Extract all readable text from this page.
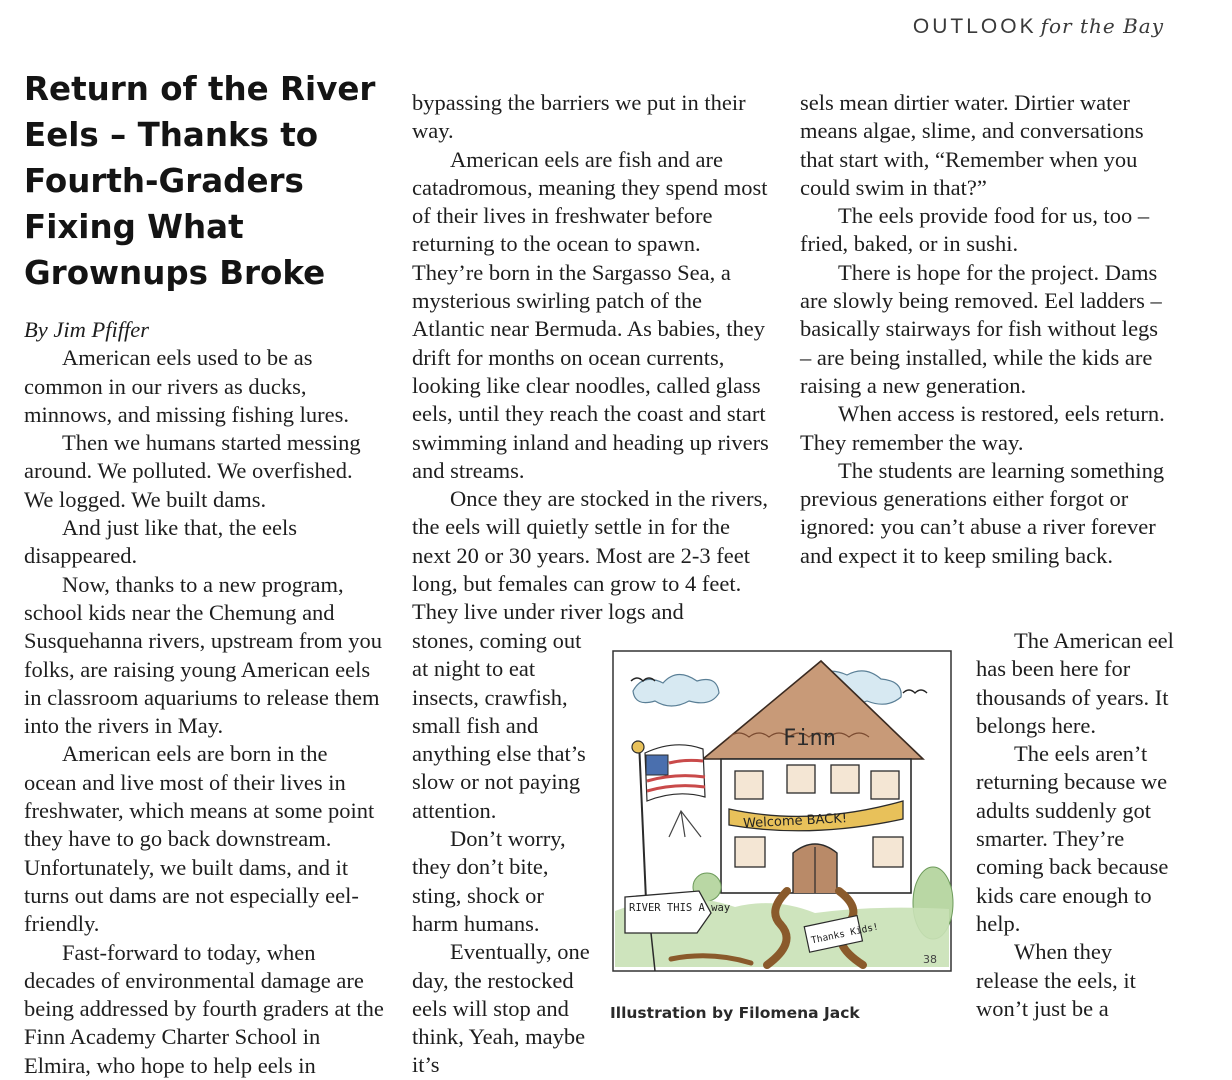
OUTLOOK for the Bay
Return of the River Eels – Thanks to Fourth-Graders Fixing What Grownups Broke

By Jim Pfiffer

American eels used to be as common in our rivers as ducks, minnows, and missing fishing lures.

Then we humans started messing around. We polluted. We overfished. We logged. We built dams.

And just like that, the eels disappeared.

Now, thanks to a new program, school kids near the Chemung and Susquehanna rivers, upstream from you folks, are raising young American eels in classroom aquariums to release them into the rivers in May.

American eels are born in the ocean and live most of their lives in freshwater, which means at some point they have to go back downstream. Unfortunately, we built dams, and it turns out dams are not especially eel-friendly.

Fast-forward to today, when decades of environmental damage are being addressed by fourth graders at the Finn Academy Charter School in Elmira, who hope to help eels in

bypassing the barriers we put in their way.

American eels are fish and are catadromous, meaning they spend most of their lives in freshwater before returning to the ocean to spawn. They’re born in the Sargasso Sea, a mysterious swirling patch of the Atlantic near Bermuda. As babies, they drift for months on ocean currents, looking like clear noodles, called glass eels, until they reach the coast and start swimming inland and heading up rivers and streams.

Once they are stocked in the rivers, the eels will quietly settle in for the next 20 or 30 years. Most are 2-3 feet long, but females can grow to 4 feet. They live under river logs and

stones, coming out at night to eat insects, crawfish, small fish and anything else that’s slow or not paying attention.

Don’t worry, they don’t bite, sting, shock or harm humans.

Eventually, one day, the restocked eels will stop and think, Yeah, maybe it’s

sels mean dirtier water. Dirtier water means algae, slime, and conversations that start with, “Remember when you could swim in that?”

The eels provide food for us, too – fried, baked, or in sushi.

There is hope for the project. Dams are slowly being removed. Eel ladders – basically stairways for fish without legs – are being installed, while the kids are raising a new generation.

When access is restored, eels return. They remember the way.

The students are learning something previous generations either forgot or ignored: you can’t abuse a river forever and expect it to keep smiling back.

The American eel has been here for thousands of years. It belongs here.

The eels aren’t returning because we adults suddenly got smarter. They’re coming back because kids care enough to help.

When they release the eels, it won’t just be a

Finn
Welcome BACK!
RIVER THIS A way
Thanks Kids!
38
Illustration by Filomena Jack
